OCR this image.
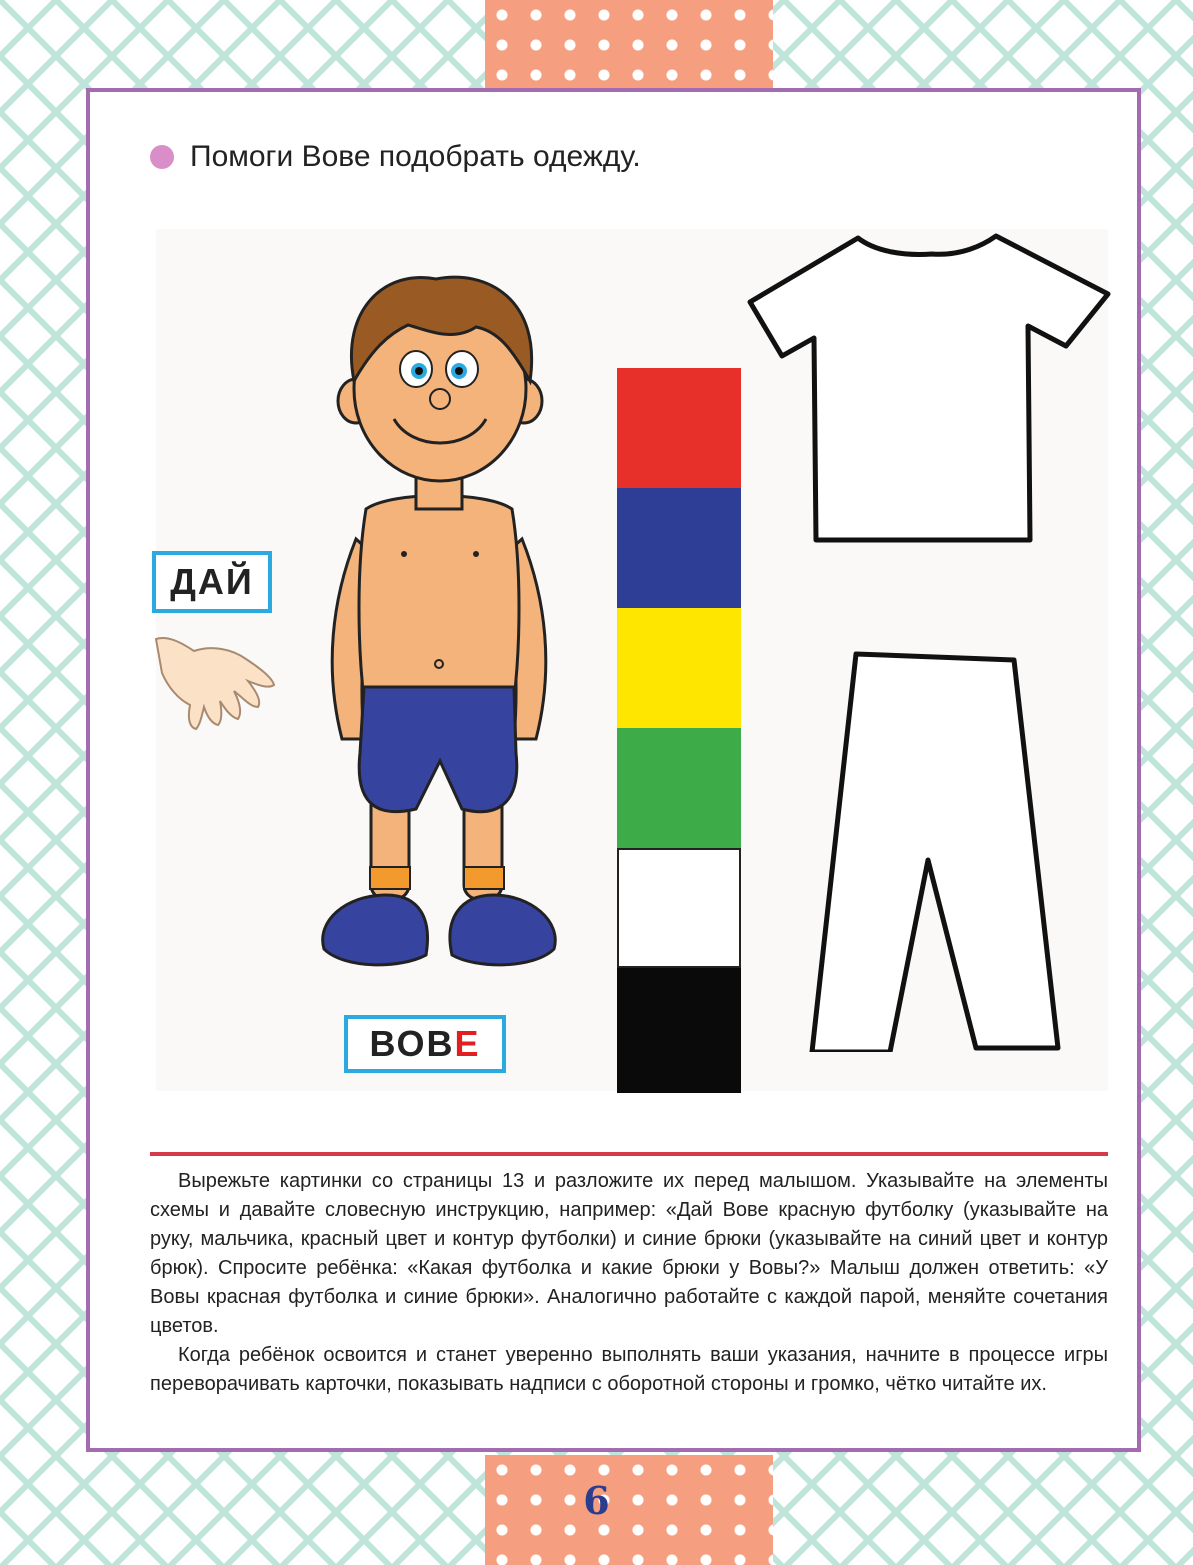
6
Помоги Вове подобрать одежду.
ДАЙ
ВОВ Е

Вырежьте картинки со страницы 13 и разложите их перед малышом. Указывайте на элементы схемы и давайте словесную инструкцию, например: «Дай Вове красную футболку (указывайте на руку, мальчика, красный цвет и контур футболки) и синие брюки (указывайте на синий цвет и контур брюк). Спросите ребёнка: «Какая футболка и какие брюки у Вовы?» Малыш должен ответить: «У Вовы красная футболка и синие брюки». Аналогично работайте с каждой парой, меняйте сочетания цветов.

Когда ребёнок освоится и станет уверенно выполнять ваши указания, начните в процессе игры переворачивать карточки, показывать надписи с оборотной стороны и громко, чётко читайте их.
